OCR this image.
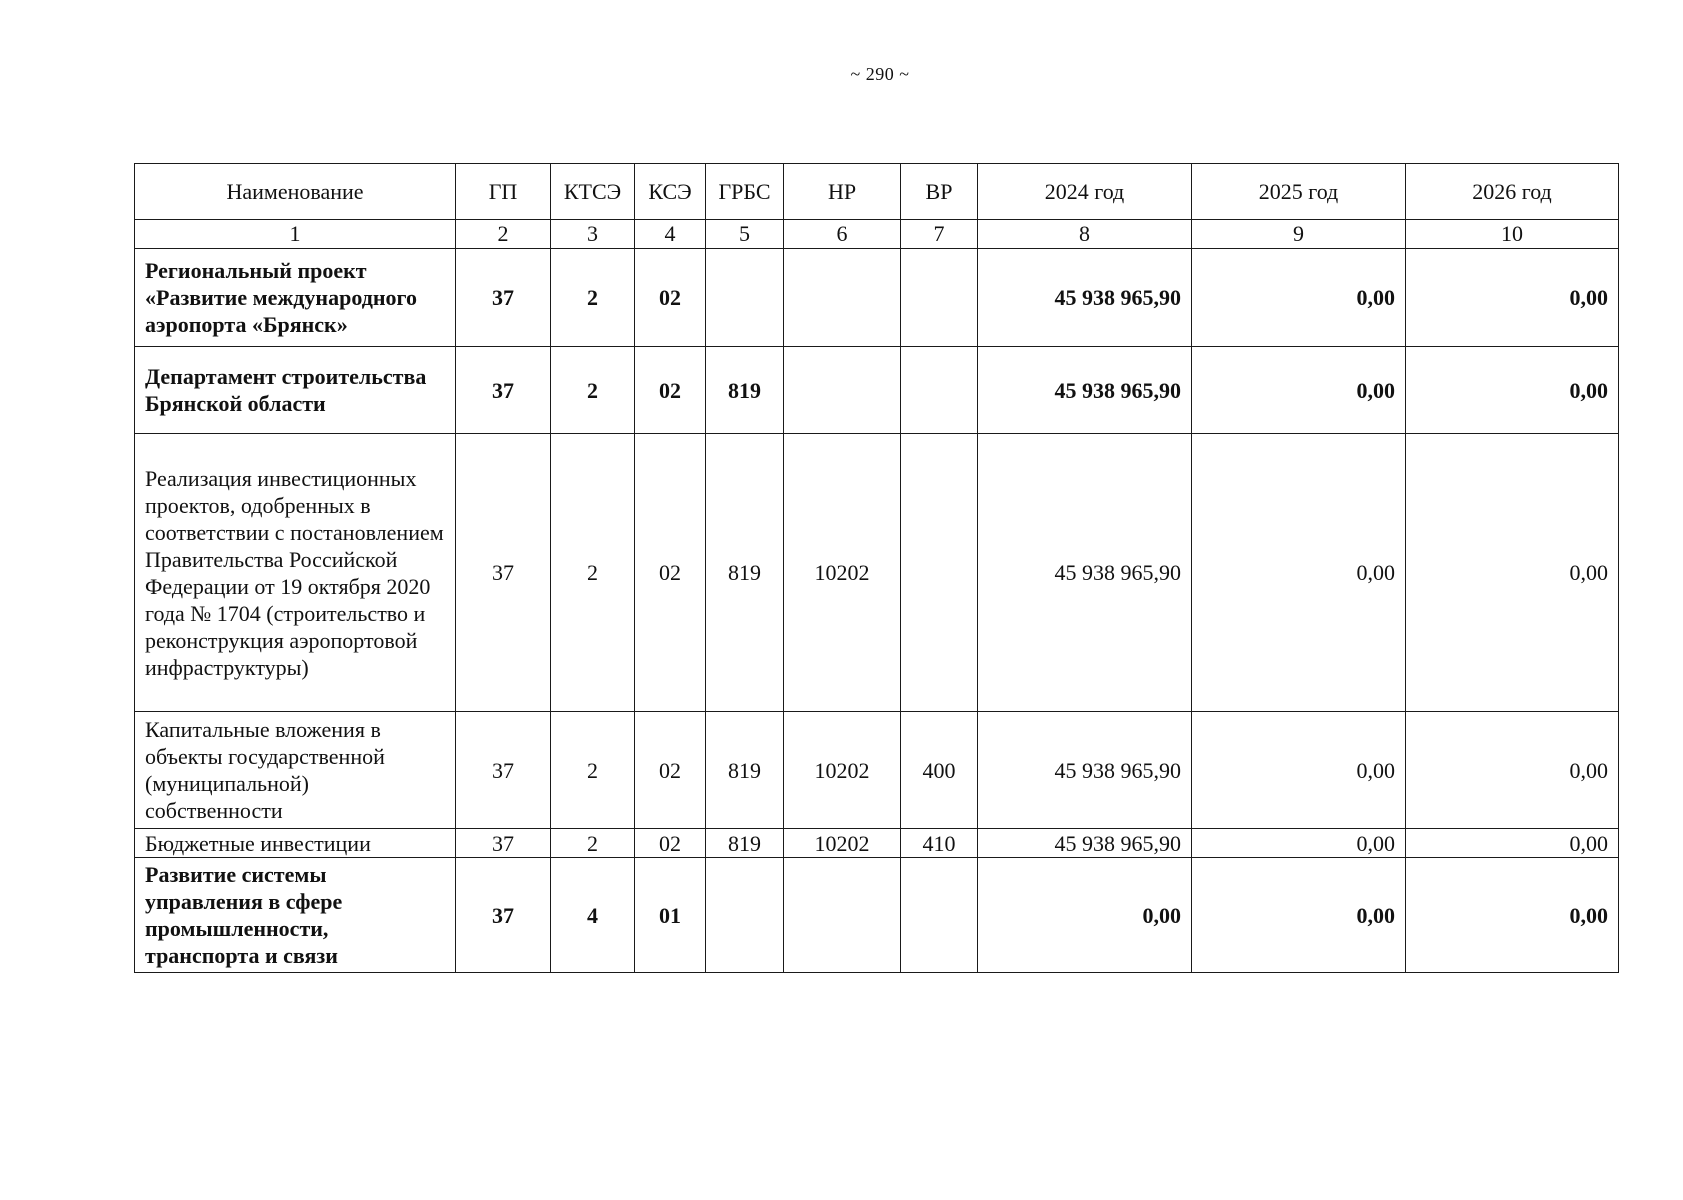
~ 290 ~
Наименование	ГП	КТСЭ	КСЭ	ГРБС	НР	ВР	2024 год	2025 год	2026 год
1	2	3	4	5	6	7	8	9	10
Региональный проект «Развитие международного аэропорта «Брянск»	37	2	02				45 938 965,90	0,00	0,00
Департамент строительства Брянской области	37	2	02	819			45 938 965,90	0,00	0,00
Реализация инвестиционных проектов, одобренных в соответствии с постановлением Правительства Российской Федерации от 19 октября 2020 года № 1704 (строительство и реконструкция аэропортовой инфраструктуры)	37	2	02	819	10202		45 938 965,90	0,00	0,00
Капитальные вложения в объекты государственной (муниципальной) собственности	37	2	02	819	10202	400	45 938 965,90	0,00	0,00
Бюджетные инвестиции	37	2	02	819	10202	410	45 938 965,90	0,00	0,00
Развитие системы управления в сфере промышленности, транспорта и связи	37	4	01				0,00	0,00	0,00
